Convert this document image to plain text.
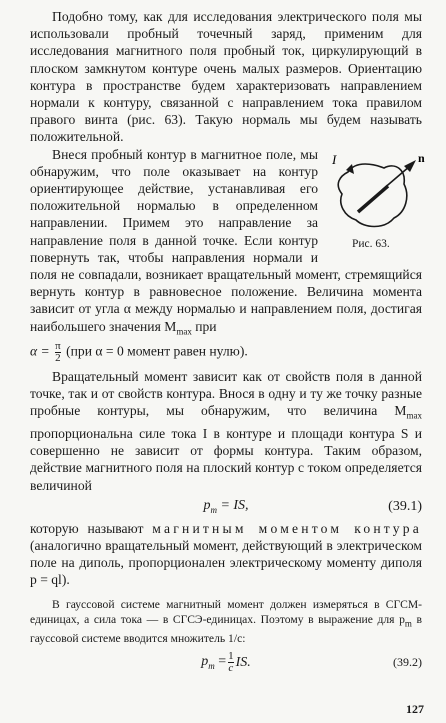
Подобно тому, как для исследования электрического поля мы использовали пробный точечный заряд, применим для исследования магнитного поля пробный ток, циркулирующий в плоском замкнутом контуре очень малых размеров. Ориентацию контура в пространстве будем характеризовать направлением нормали к контуру, связанной с направлением тока правилом правого винта (рис. 63). Такую нормаль мы будем называть положительной.

I	n
Рис. 63.

Внеся пробный контур в магнитное поле, мы обнаружим, что поле оказывает на контур ориентирующее действие, устанавливая его положительной нормалью в определенном направлении. Примем это направление за направление поля в данной точке. Если контур повернуть так, чтобы направления нормали и поля не совпадали, возникает вращательный момент, стремящийся вернуть контур в равновесное положение. Величина момента зависит от угла α между нормалью и направлением поля, достигая наибольшего значения $M_{max}$ при

$\alpha = \frac{\pi}{2} (при$ α = 0 момент равен нулю).

Вращательный момент зависит как от свойств поля в данной точке, так и от свойств контура. Внося в одну и ту же точку разные пробные контуры, мы обнаружим, что величина $M_{max}$ пропорциональна силе тока I в контуре и площади контура S и совершенно не зависит от формы контура. Таким образом, действие магнитного поля на плоский контур с током определяется величиной

$p_m$ = IS,	(39.1)

которую называют магнитным моментом контура (аналогично вращательный момент, действующий в электрическом поле на диполь, пропорционален электрическому моменту диполя p = ql).

В гауссовой системе магнитный момент должен измеряться в СГСМ-единицах, а сила тока — в СГСЭ-единицах. Поэтому в выражение для $p_m$ в гауссовой системе вводится множитель 1/c:

$p_m = \frac{1}{c}$ IS.	(39.2)
127
